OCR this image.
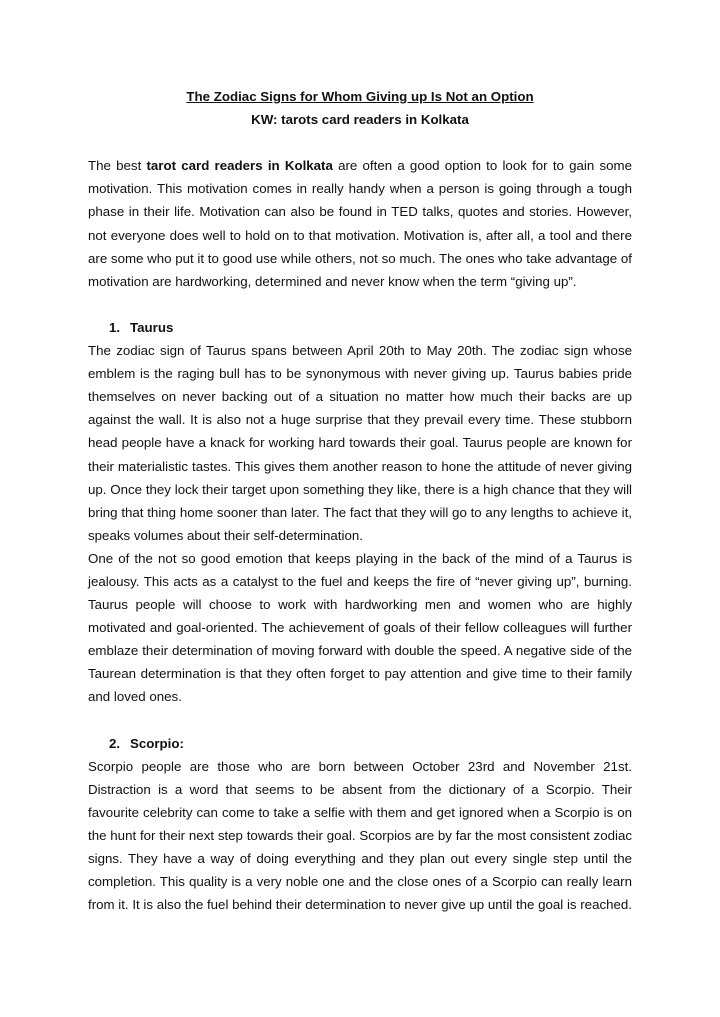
The Zodiac Signs for Whom Giving up Is Not an Option

KW: tarots card readers in Kolkata

The best tarot card readers in Kolkata are often a good option to look for to gain some motivation. This motivation comes in really handy when a person is going through a tough phase in their life. Motivation can also be found in TED talks, quotes and stories. However, not everyone does well to hold on to that motivation. Motivation is, after all, a tool and there are some who put it to good use while others, not so much. The ones who take advantage of motivation are hardworking, determined and never know when the term “giving up”.

1. Taurus

The zodiac sign of Taurus spans between April 20th to May 20th. The zodiac sign whose emblem is the raging bull has to be synonymous with never giving up. Taurus babies pride themselves on never backing out of a situation no matter how much their backs are up against the wall. It is also not a huge surprise that they prevail every time. These stubborn head people have a knack for working hard towards their goal. Taurus people are known for their materialistic tastes. This gives them another reason to hone the attitude of never giving up. Once they lock their target upon something they like, there is a high chance that they will bring that thing home sooner than later. The fact that they will go to any lengths to achieve it, speaks volumes about their self-determination.

One of the not so good emotion that keeps playing in the back of the mind of a Taurus is jealousy. This acts as a catalyst to the fuel and keeps the fire of “never giving up”, burning. Taurus people will choose to work with hardworking men and women who are highly motivated and goal-oriented. The achievement of goals of their fellow colleagues will further emblaze their determination of moving forward with double the speed. A negative side of the Taurean determination is that they often forget to pay attention and give time to their family and loved ones.

2. Scorpio:

Scorpio people are those who are born between October 23rd and November 21st. Distraction is a word that seems to be absent from the dictionary of a Scorpio. Their favourite celebrity can come to take a selfie with them and get ignored when a Scorpio is on the hunt for their next step towards their goal. Scorpios are by far the most consistent zodiac signs. They have a way of doing everything and they plan out every single step until the completion. This quality is a very noble one and the close ones of a Scorpio can really learn from it. It is also the fuel behind their determination to never give up until the goal is reached.
